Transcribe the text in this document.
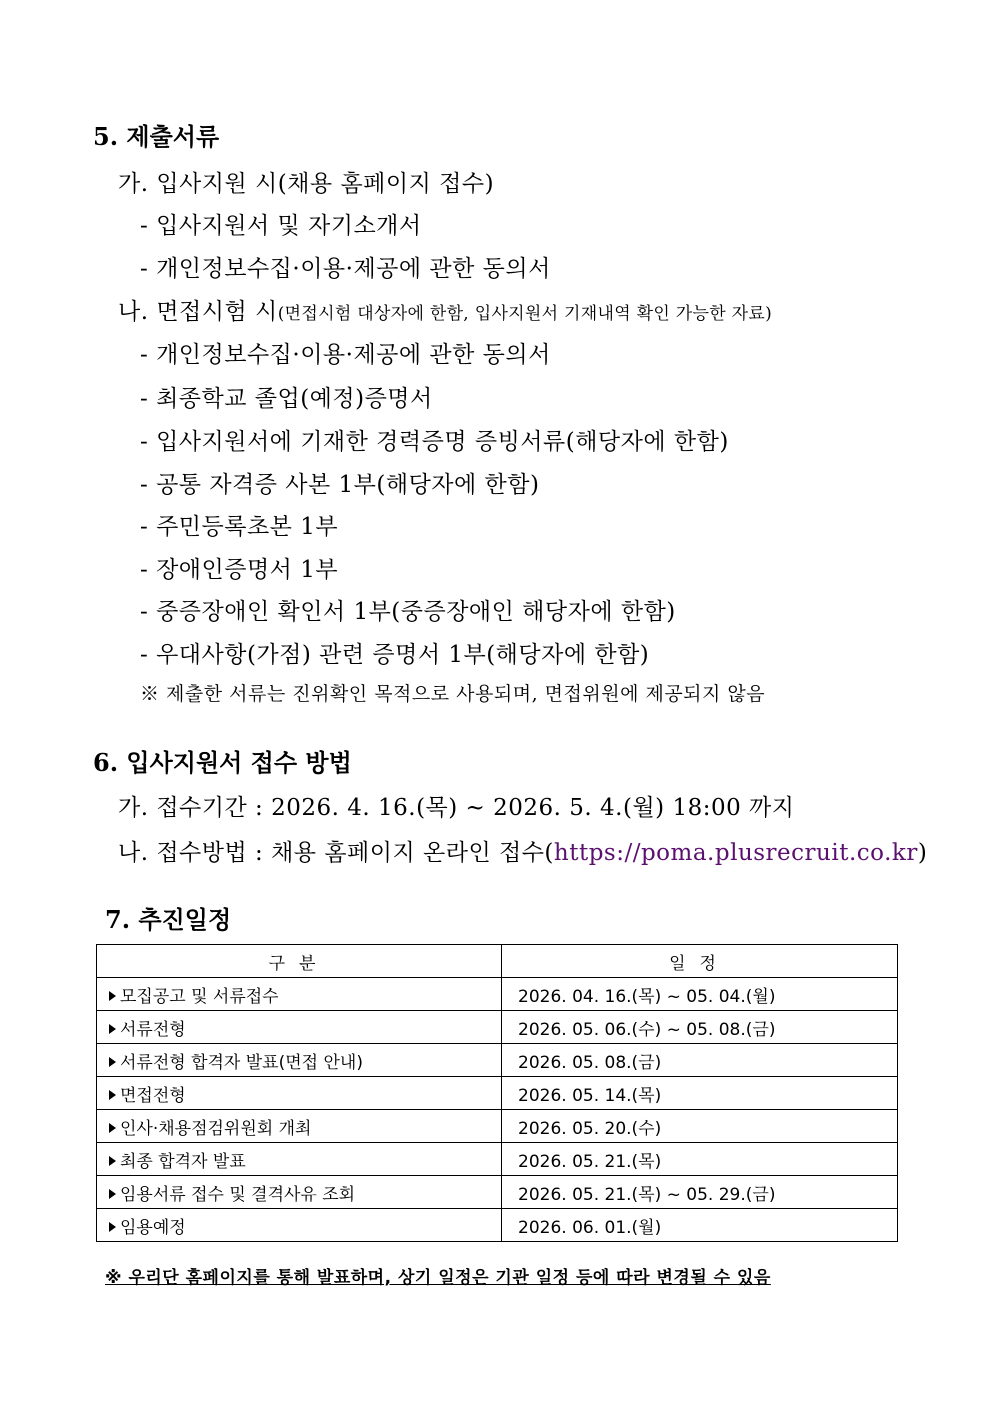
5. 제출서류
가. 입사지원 시(채용 홈페이지 접수)
- 입사지원서 및 자기소개서
- 개인정보수집·이용·제공에 관한 동의서
나. 면접시험 시(면접시험 대상자에 한함, 입사지원서 기재내역 확인 가능한 자료)
- 개인정보수집·이용·제공에 관한 동의서
- 최종학교 졸업(예정)증명서
- 입사지원서에 기재한 경력증명 증빙서류(해당자에 한함)
- 공통 자격증 사본 1부(해당자에 한함)
- 주민등록초본 1부
- 장애인증명서 1부
- 중증장애인 확인서 1부(중증장애인 해당자에 한함)
- 우대사항(가점) 관련 증명서 1부(해당자에 한함)
※ 제출한 서류는 진위확인 목적으로 사용되며, 면접위원에 제공되지 않음
6. 입사지원서 접수 방법
가. 접수기간 : 2026. 4. 16.(목) ~ 2026. 5. 4.(월) 18:00 까지
나. 접수방법 : 채용 홈페이지 온라인 접수(https://poma.plusrecruit.co.kr)
7. 추진일정
구분	일정
모집공고 및 서류접수	2026. 04. 16.(목) ~ 05. 04.(월)
서류전형	2026. 05. 06.(수) ~ 05. 08.(금)
서류전형 합격자 발표(면접 안내)	2026. 05. 08.(금)
면접전형	2026. 05. 14.(목)
인사·채용점검위원회 개최	2026. 05. 20.(수)
최종 합격자 발표	2026. 05. 21.(목)
임용서류 접수 및 결격사유 조회	2026. 05. 21.(목) ~ 05. 29.(금)
임용예정	2026. 06. 01.(월)
※ 우리단 홈페이지를 통해 발표하며, 상기 일정은 기관 일정 등에 따라 변경될 수 있음
